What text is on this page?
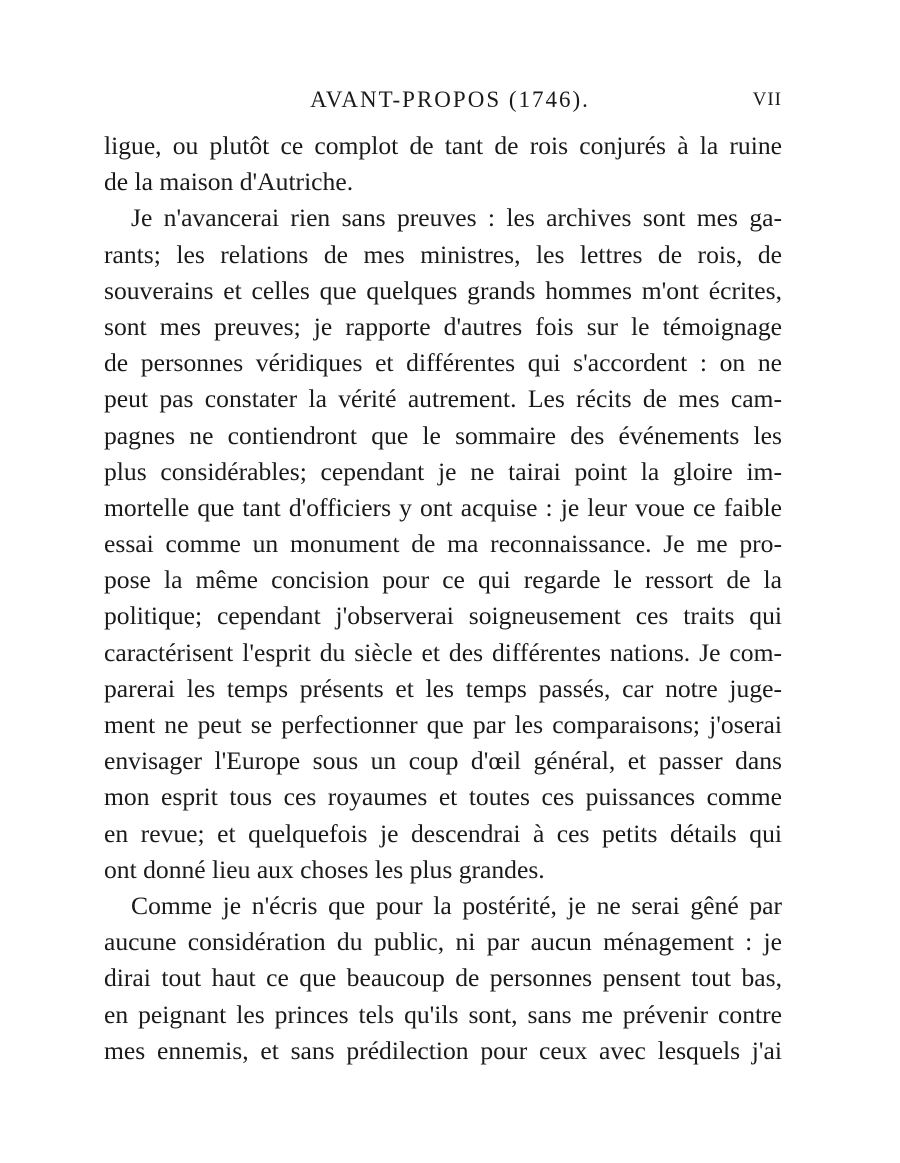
AVANT-PROPOS (1746).	VII
ligue, ou plutôt ce complot de tant de rois conjurés à la ruine
de la maison d'Autriche.
Je n'avancerai rien sans preuves : les archives sont mes ga-
rants; les relations de mes ministres, les lettres de rois, de
souverains et celles que quelques grands hommes m'ont écrites,
sont mes preuves; je rapporte d'autres fois sur le témoignage
de personnes véridiques et différentes qui s'accordent : on ne
peut pas constater la vérité autrement. Les récits de mes cam-
pagnes ne contiendront que le sommaire des événements les
plus considérables; cependant je ne tairai point la gloire im-
mortelle que tant d'officiers y ont acquise : je leur voue ce faible
essai comme un monument de ma reconnaissance. Je me pro-
pose la même concision pour ce qui regarde le ressort de la
politique; cependant j'observerai soigneusement ces traits qui
caractérisent l'esprit du siècle et des différentes nations. Je com-
parerai les temps présents et les temps passés, car notre juge-
ment ne peut se perfectionner que par les comparaisons; j'oserai
envisager l'Europe sous un coup d'œil général, et passer dans
mon esprit tous ces royaumes et toutes ces puissances comme
en revue; et quelquefois je descendrai à ces petits détails qui
ont donné lieu aux choses les plus grandes.
Comme je n'écris que pour la postérité, je ne serai gêné par
aucune considération du public, ni par aucun ménagement : je
dirai tout haut ce que beaucoup de personnes pensent tout bas,
en peignant les princes tels qu'ils sont, sans me prévenir contre
mes ennemis, et sans prédilection pour ceux avec lesquels j'ai
